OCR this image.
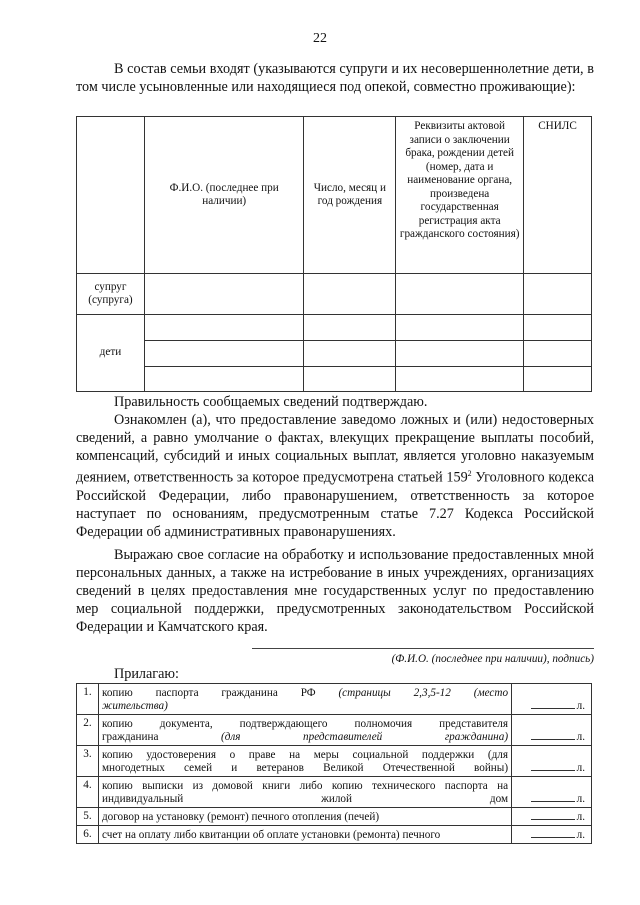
22
В состав семьи входят (указываются супруги и их несовершеннолетние дети, в том числе усыновленные или находящиеся под опекой, совместно проживающие):
	Ф.И.О. (последнее при наличии)	Число, месяц и год рождения	Реквизиты актовой записи о заключении брака, рождении детей (номер, дата и наименование органа, произведена государственная регистрация акта гражданского состояния)	СНИЛС
супруг (супруга)				
дети				

Правильность сообщаемых сведений подтверждаю.
Ознакомлен (а), что предоставление заведомо ложных и (или) недостоверных сведений, а равно умолчание о фактах, влекущих прекращение выплаты пособий, компенсаций, субсидий и иных социальных выплат, является уголовно наказуемым деянием, ответственность за которое предусмотрена статьей $159^2$ Уголовного кодекса Российской Федерации, либо правонарушением, ответственность за которое наступает по основаниям, предусмотренным статье 7.27 Кодекса Российской Федерации об административных правонарушениях.
Выражаю свое согласие на обработку и использование предоставленных мной персональных данных, а также на истребование в иных учреждениях, организациях сведений в целях предоставления мне государственных услуг по предоставлению мер социальной поддержки, предусмотренных законодательством Российской Федерации и Камчатского края.
(Ф.И.О. (последнее при наличии), подпись)
Прилагаю:
1.	копию паспорта гражданина РФ (страницы 2,3,5-12 (место
жительства)	л.
2.	копию документа, подтверждающего полномочия представителя
гражданина (для представителей гражданина)	л.
3.	копию удостоверения о праве на меры социальной поддержки (для
многодетных семей и ветеранов Великой Отечественной войны)	л.
4.	копию выписки из домовой книги либо копию технического паспорта на
индивидуальный жилой дом	л.
5.	договор на установку (ремонт) печного отопления (печей)	л.
6.	счет на оплату либо квитанции об оплате установки (ремонта) печного	л.
